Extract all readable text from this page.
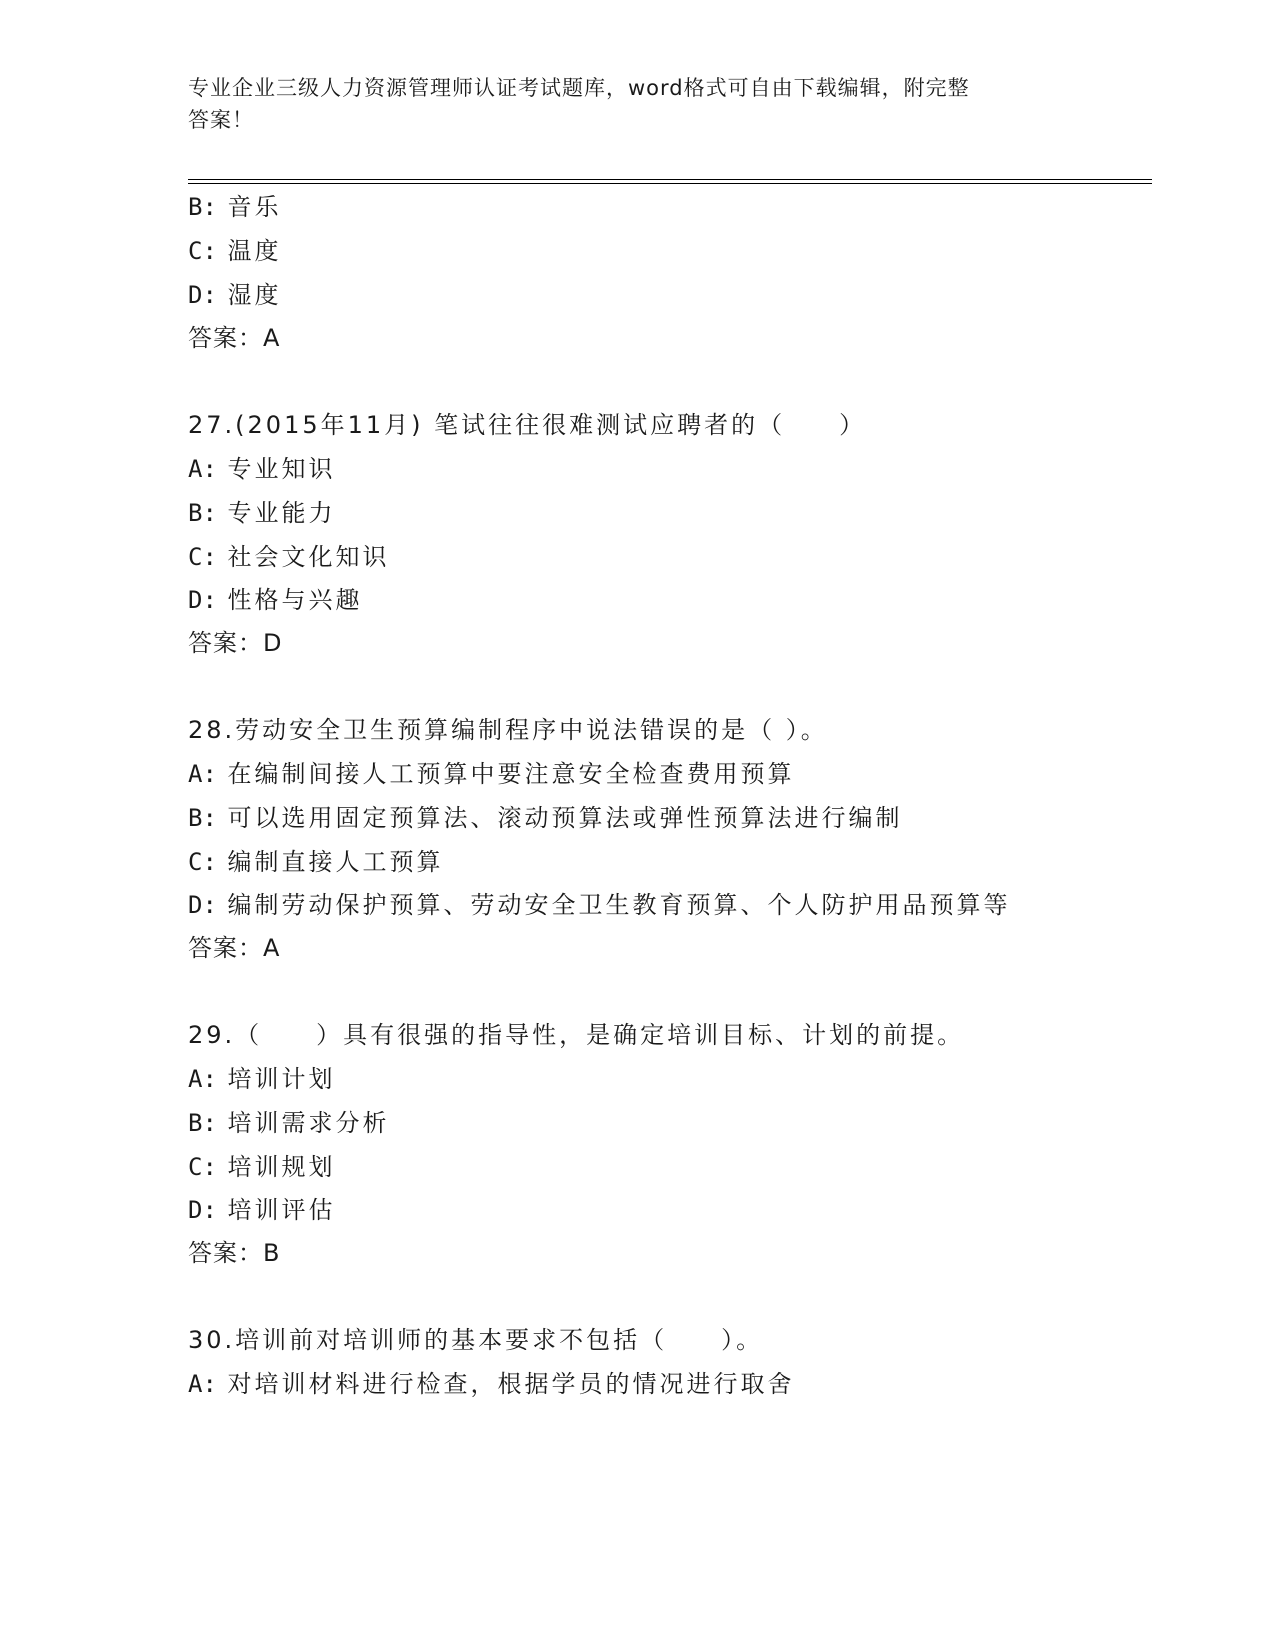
专业企业三级人力资源管理师认证考试题库，word格式可自由下载编辑，附完整
答案！
B: 音乐
C: 温度
D: 湿度
答案：A
27.(2015年11月) 笔试往往很难测试应聘者的（　　）
A: 专业知识
B: 专业能力
C: 社会文化知识
D: 性格与兴趣
答案：D
28.劳动安全卫生预算编制程序中说法错误的是（ ）。
A: 在编制间接人工预算中要注意安全检查费用预算
B: 可以选用固定预算法、滚动预算法或弹性预算法进行编制
C: 编制直接人工预算
D: 编制劳动保护预算、劳动安全卫生教育预算、个人防护用品预算等
答案：A
29.（　　）具有很强的指导性，是确定培训目标、计划的前提。
A: 培训计划
B: 培训需求分析
C: 培训规划
D: 培训评估
答案：B
30.培训前对培训师的基本要求不包括（　　）。
A: 对培训材料进行检查，根据学员的情况进行取舍
